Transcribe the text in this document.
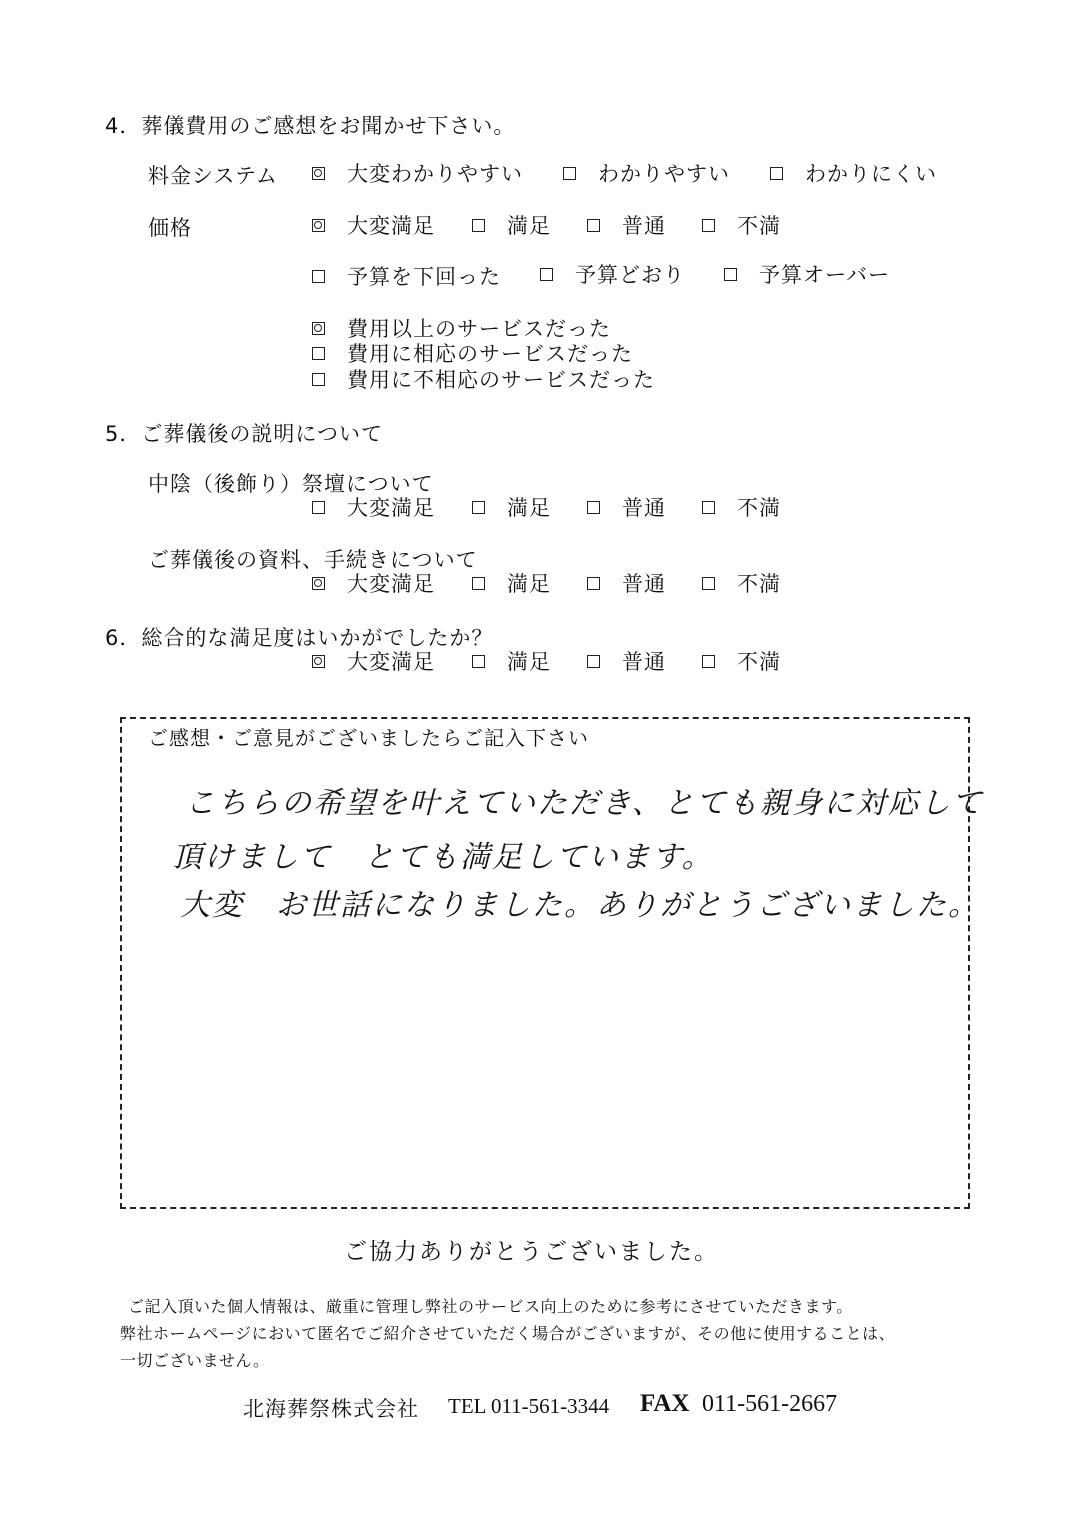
4．葬儀費用のご感想をお聞かせ下さい。
料金システム	大変わかりやすい	わかりやすい	わかりにくい
価格	大変満足	満足	普通	不満
予算を下回った	予算どおり	予算オーバー
費用以上のサービスだった
費用に相応のサービスだった
費用に不相応のサービスだった
5．ご葬儀後の説明について
中陰（後飾り）祭壇について
大変満足	満足	普通	不満
ご葬儀後の資料、手続きについて
大変満足	満足	普通	不満
6．総合的な満足度はいかがでしたか？
大変満足	満足	普通	不満
ご感想・ご意見がございましたらご記入下さい
こちらの希望を叶えていただき、とても親身に対応して
頂けまして　とても満足しています。
大変　お世話になりました。ありがとうございました。
ご協力ありがとうございました。
ご記入頂いた個人情報は、厳重に管理し弊社のサービス向上のために参考にさせていただきます。
弊社ホームページにおいて匿名でご紹介させていただく場合がございますが、その他に使用することは、
一切ございません。
北海葬祭株式会社 TEL 011-561-3344 FAX 011-561-2667
